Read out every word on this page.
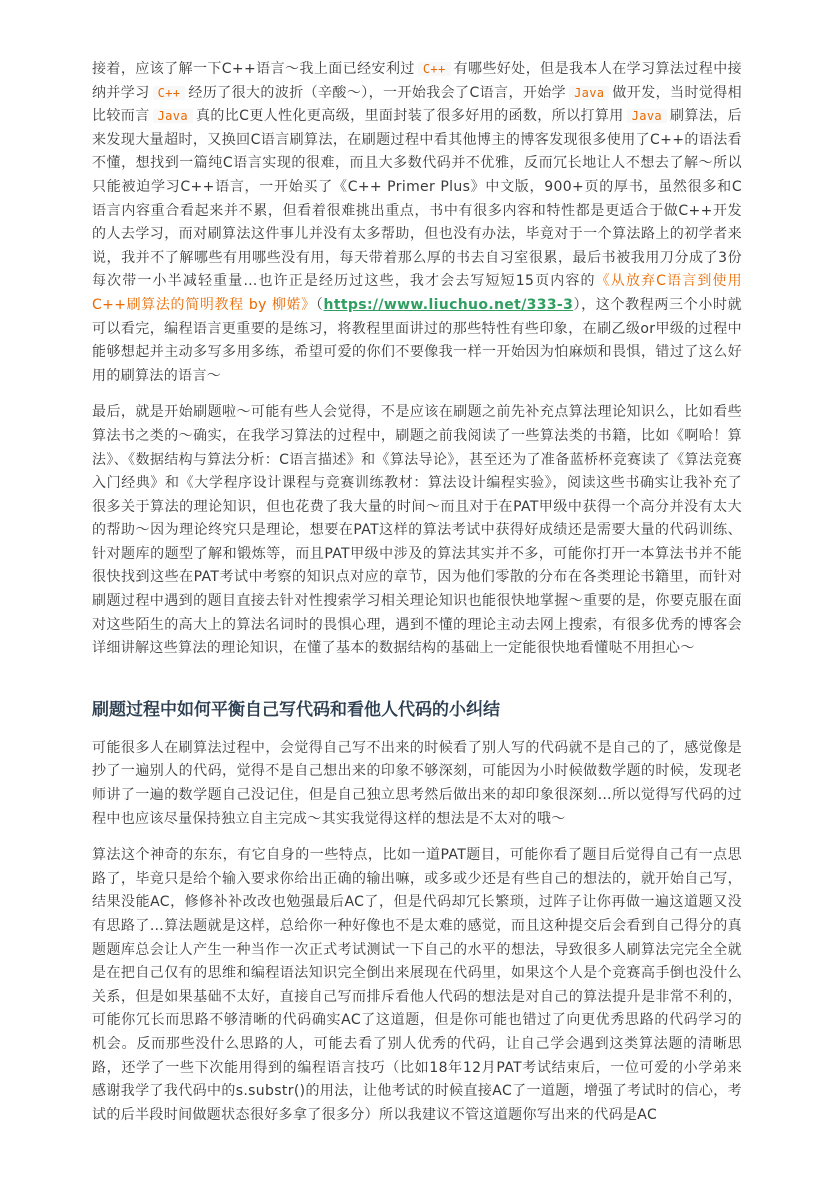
接着，应该了解一下C++语言～我上面已经安利过 C++ 有哪些好处，但是我本人在学习算法过程中接纳并学习 C++ 经历了很大的波折（辛酸～），一开始我会了C语言，开始学 Java 做开发，当时觉得相比较而言 Java 真的比C更人性化更高级，里面封装了很多好用的函数，所以打算用 Java 刷算法，后来发现大量超时，又换回C语言刷算法，在刷题过程中看其他博主的博客发现很多使用了C++的语法看不懂，想找到一篇纯C语言实现的很难，而且大多数代码并不优雅，反而冗长地让人不想去了解～所以只能被迫学习C++语言，一开始买了《C++ Primer Plus》中文版，900+页的厚书，虽然很多和C语言内容重合看起来并不累，但看着很难挑出重点，书中有很多内容和特性都是更适合于做C++开发的人去学习，而对刷算法这件事儿并没有太多帮助，但也没有办法，毕竟对于一个算法路上的初学者来说，我并不了解哪些有用哪些没有用，每天带着那么厚的书去自习室很累，最后书被我用刀分成了3份每次带一小半减轻重量…也许正是经历过这些，我才会去写短短15页内容的《从放弃C语言到使用C++刷算法的简明教程 by 柳婼》（https://www.liuchuo.net/333-3），这个教程两三个小时就可以看完，编程语言更重要的是练习，将教程里面讲过的那些特性有些印象，在刷乙级or甲级的过程中能够想起并主动多写多用多练，希望可爱的你们不要像我一样一开始因为怕麻烦和畏惧，错过了这么好用的刷算法的语言～

最后，就是开始刷题啦～可能有些人会觉得，不是应该在刷题之前先补充点算法理论知识么，比如看些算法书之类的～确实，在我学习算法的过程中，刷题之前我阅读了一些算法类的书籍，比如《啊哈！算法》、《数据结构与算法分析：C语言描述》和《算法导论》，甚至还为了准备蓝桥杯竞赛读了《算法竞赛入门经典》和《大学程序设计课程与竞赛训练教材：算法设计编程实验》，阅读这些书确实让我补充了很多关于算法的理论知识，但也花费了我大量的时间～而且对于在PAT甲级中获得一个高分并没有太大的帮助～因为理论终究只是理论，想要在PAT这样的算法考试中获得好成绩还是需要大量的代码训练、针对题库的题型了解和锻炼等，而且PAT甲级中涉及的算法其实并不多，可能你打开一本算法书并不能很快找到这些在PAT考试中考察的知识点对应的章节，因为他们零散的分布在各类理论书籍里，而针对刷题过程中遇到的题目直接去针对性搜索学习相关理论知识也能很快地掌握～重要的是，你要克服在面对这些陌生的高大上的算法名词时的畏惧心理，遇到不懂的理论主动去网上搜索，有很多优秀的博客会详细讲解这些算法的理论知识，在懂了基本的数据结构的基础上一定能很快地看懂哒不用担心～

刷题过程中如何平衡自己写代码和看他人代码的小纠结

可能很多人在刷算法过程中，会觉得自己写不出来的时候看了别人写的代码就不是自己的了，感觉像是抄了一遍别人的代码，觉得不是自己想出来的印象不够深刻，可能因为小时候做数学题的时候，发现老师讲了一遍的数学题自己没记住，但是自己独立思考然后做出来的却印象很深刻…所以觉得写代码的过程中也应该尽量保持独立自主完成～其实我觉得这样的想法是不太对的哦～

算法这个神奇的东东，有它自身的一些特点，比如一道PAT题目，可能你看了题目后觉得自己有一点思路了，毕竟只是给个输入要求你给出正确的输出嘛，或多或少还是有些自己的想法的，就开始自己写，结果没能AC，修修补补改改也勉强最后AC了，但是代码却冗长繁琐，过阵子让你再做一遍这道题又没有思路了…算法题就是这样，总给你一种好像也不是太难的感觉，而且这种提交后会看到自己得分的真题题库总会让人产生一种当作一次正式考试测试一下自己的水平的想法，导致很多人刷算法完完全全就是在把自己仅有的思维和编程语法知识完全倒出来展现在代码里，如果这个人是个竞赛高手倒也没什么关系，但是如果基础不太好，直接自己写而排斥看他人代码的想法是对自己的算法提升是非常不利的，可能你冗长而思路不够清晰的代码确实AC了这道题，但是你可能也错过了向更优秀思路的代码学习的机会。反而那些没什么思路的人，可能去看了别人优秀的代码，让自己学会遇到这类算法题的清晰思路，还学了一些下次能用得到的编程语言技巧（比如18年12月PAT考试结束后，一位可爱的小学弟来感谢我学了我代码中的s.substr()的用法，让他考试的时候直接AC了一道题，增强了考试时的信心，考试的后半段时间做题状态很好多拿了很多分）所以我建议不管这道题你写出来的代码是AC
